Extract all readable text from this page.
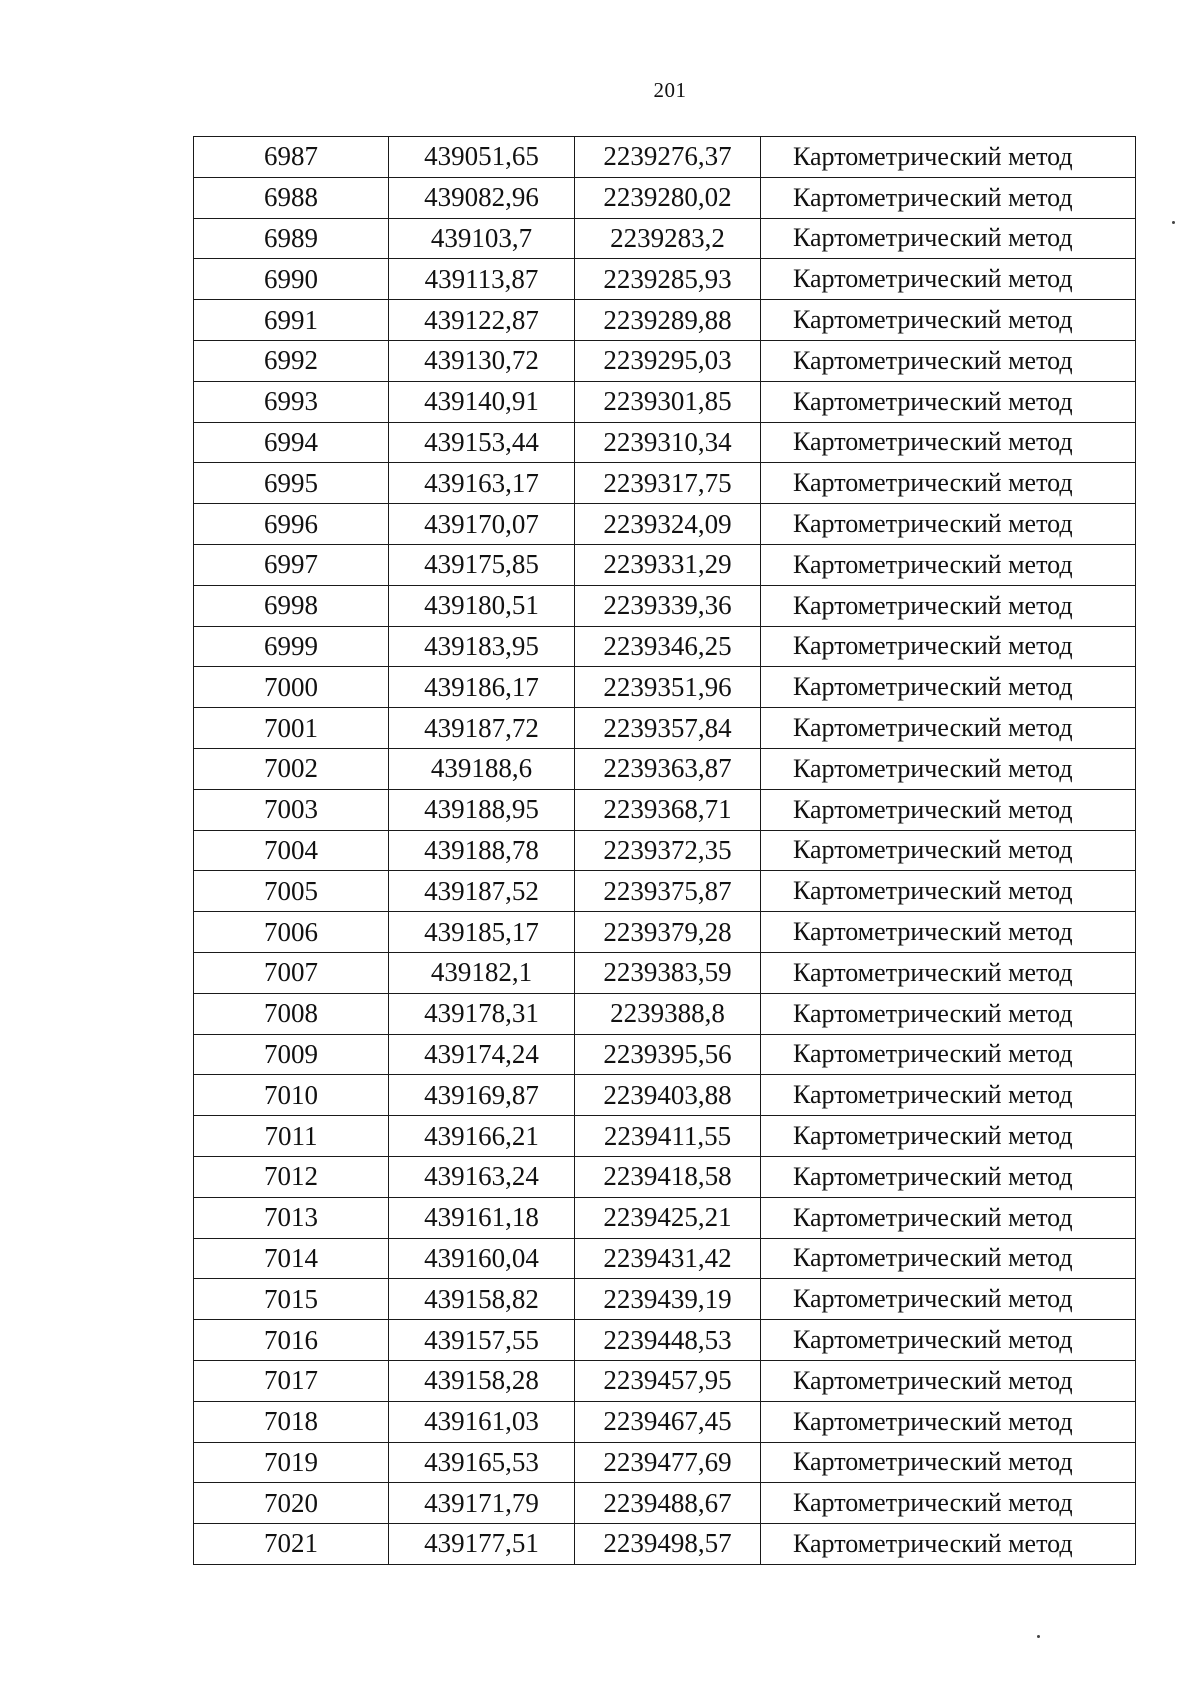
201
6987	439051,65	2239276,37	Картометрический метод
6988	439082,96	2239280,02	Картометрический метод
6989	439103,7	2239283,2	Картометрический метод
6990	439113,87	2239285,93	Картометрический метод
6991	439122,87	2239289,88	Картометрический метод
6992	439130,72	2239295,03	Картометрический метод
6993	439140,91	2239301,85	Картометрический метод
6994	439153,44	2239310,34	Картометрический метод
6995	439163,17	2239317,75	Картометрический метод
6996	439170,07	2239324,09	Картометрический метод
6997	439175,85	2239331,29	Картометрический метод
6998	439180,51	2239339,36	Картометрический метод
6999	439183,95	2239346,25	Картометрический метод
7000	439186,17	2239351,96	Картометрический метод
7001	439187,72	2239357,84	Картометрический метод
7002	439188,6	2239363,87	Картометрический метод
7003	439188,95	2239368,71	Картометрический метод
7004	439188,78	2239372,35	Картометрический метод
7005	439187,52	2239375,87	Картометрический метод
7006	439185,17	2239379,28	Картометрический метод
7007	439182,1	2239383,59	Картометрический метод
7008	439178,31	2239388,8	Картометрический метод
7009	439174,24	2239395,56	Картометрический метод
7010	439169,87	2239403,88	Картометрический метод
7011	439166,21	2239411,55	Картометрический метод
7012	439163,24	2239418,58	Картометрический метод
7013	439161,18	2239425,21	Картометрический метод
7014	439160,04	2239431,42	Картометрический метод
7015	439158,82	2239439,19	Картометрический метод
7016	439157,55	2239448,53	Картометрический метод
7017	439158,28	2239457,95	Картометрический метод
7018	439161,03	2239467,45	Картометрический метод
7019	439165,53	2239477,69	Картометрический метод
7020	439171,79	2239488,67	Картометрический метод
7021	439177,51	2239498,57	Картометрический метод
